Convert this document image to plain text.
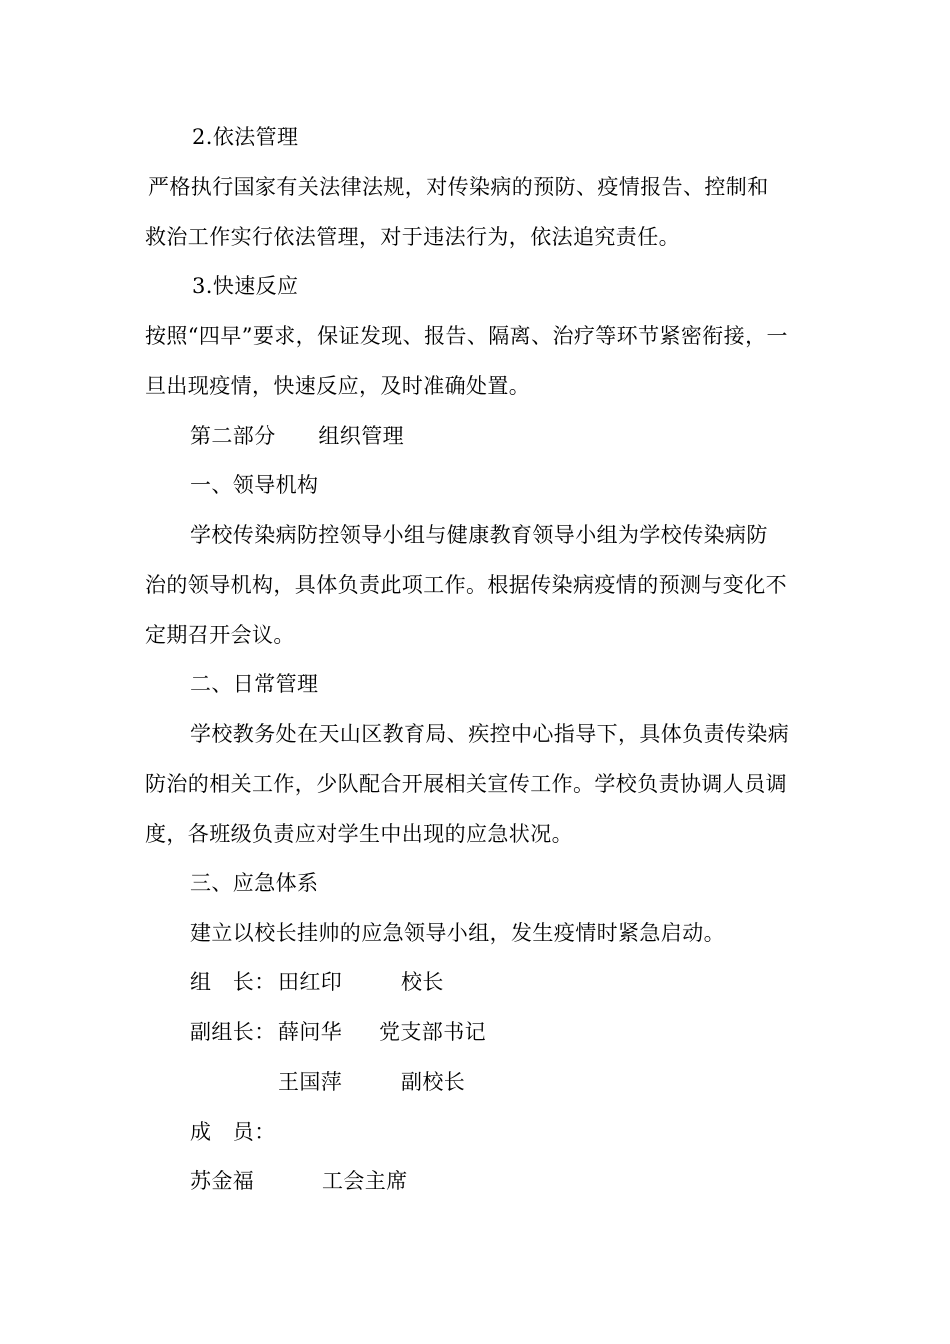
2.依法管理
严格执行国家有关法律法规，对传染病的预防、疫情报告、控制和
救治工作实行依法管理，对于违法行为，依法追究责任。
3.快速反应
按照“四早”要求，保证发现、报告、隔离、治疗等环节紧密衔接，一
旦出现疫情，快速反应，及时准确处置。
第二部分　　组织管理
一、领导机构
学校传染病防控领导小组与健康教育领导小组为学校传染病防
治的领导机构，具体负责此项工作。根据传染病疫情的预测与变化不
定期召开会议。
二、日常管理
学校教务处在天山区教育局、疾控中心指导下，具体负责传染病
防治的相关工作，少队配合开展相关宣传工作。学校负责协调人员调
度，各班级负责应对学生中出现的应急状况。
三、应急体系
建立以校长挂帅的应急领导小组，发生疫情时紧急启动。
组　长： 田红印	校长
副组长： 薛问华 党支部书记
王国萍	副校长
成　员：
苏金福	工会主席
